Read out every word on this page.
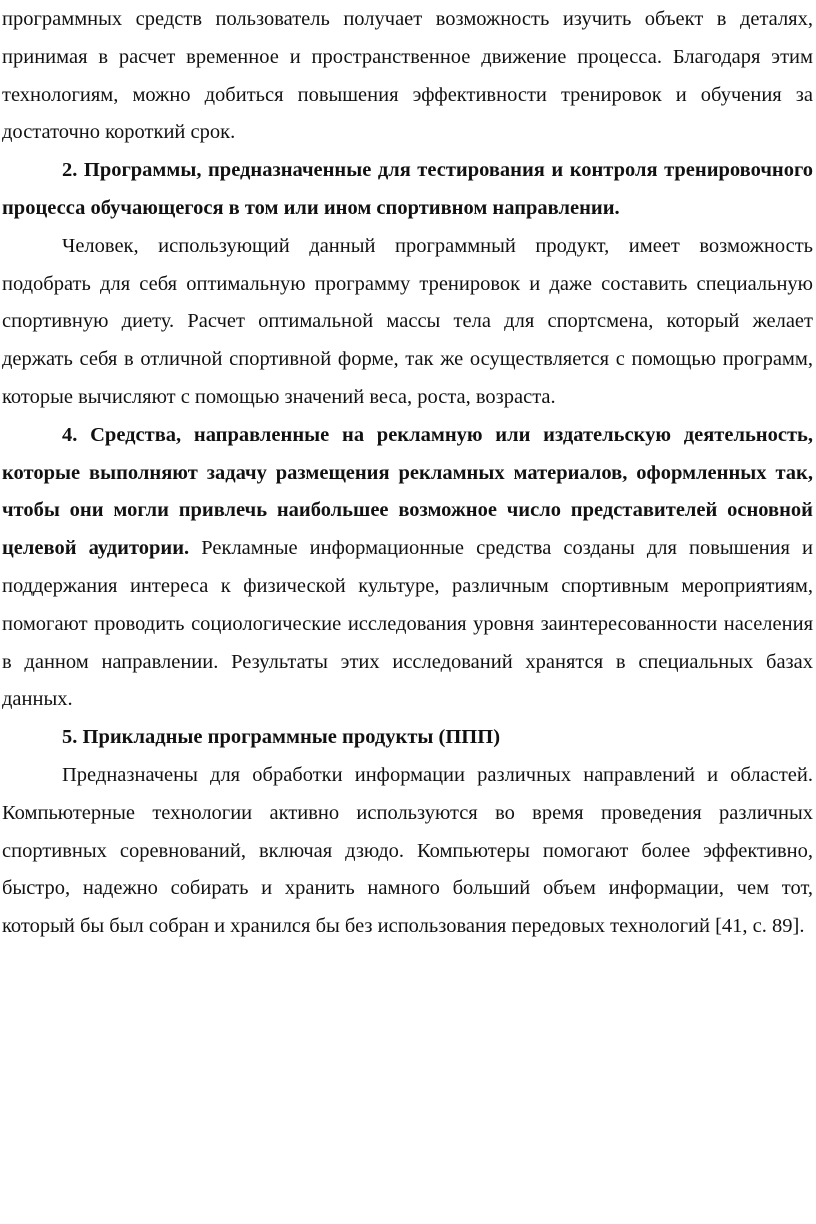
программных средств пользователь получает возможность изучить объект в деталях, принимая в расчет временное и пространственное движение процесса. Благодаря этим технологиям, можно добиться повышения эффективности тренировок и обучения за достаточно короткий срок.

2. Программы, предназначенные для тестирования и контроля тренировочного процесса обучающегося в том или ином спортивном направлении.

Человек, использующий данный программный продукт, имеет возможность подобрать для себя оптимальную программу тренировок и даже составить специальную спортивную диету. Расчет оптимальной массы тела для спортсмена, который желает держать себя в отличной спортивной форме, так же осуществляется с помощью программ, которые вычисляют с помощью значений веса, роста, возраста.

4. Средства, направленные на рекламную или издательскую деятельность, которые выполняют задачу размещения рекламных материалов, оформленных так, чтобы они могли привлечь наибольшее возможное число представителей основной целевой аудитории. Рекламные информационные средства созданы для повышения и поддержания интереса к физической культуре, различным спортивным мероприятиям, помогают проводить социологические исследования уровня заинтересованности населения в данном направлении. Результаты этих исследований хранятся в специальных базах данных.

5. Прикладные программные продукты (ППП)

Предназначены для обработки информации различных направлений и областей. Компьютерные технологии активно используются во время проведения различных спортивных соревнований, включая дзюдо. Компьютеры помогают более эффективно, быстро, надежно собирать и хранить намного больший объем информации, чем тот, который бы был собран и хранился бы без использования передовых технологий [41, с. 89].
